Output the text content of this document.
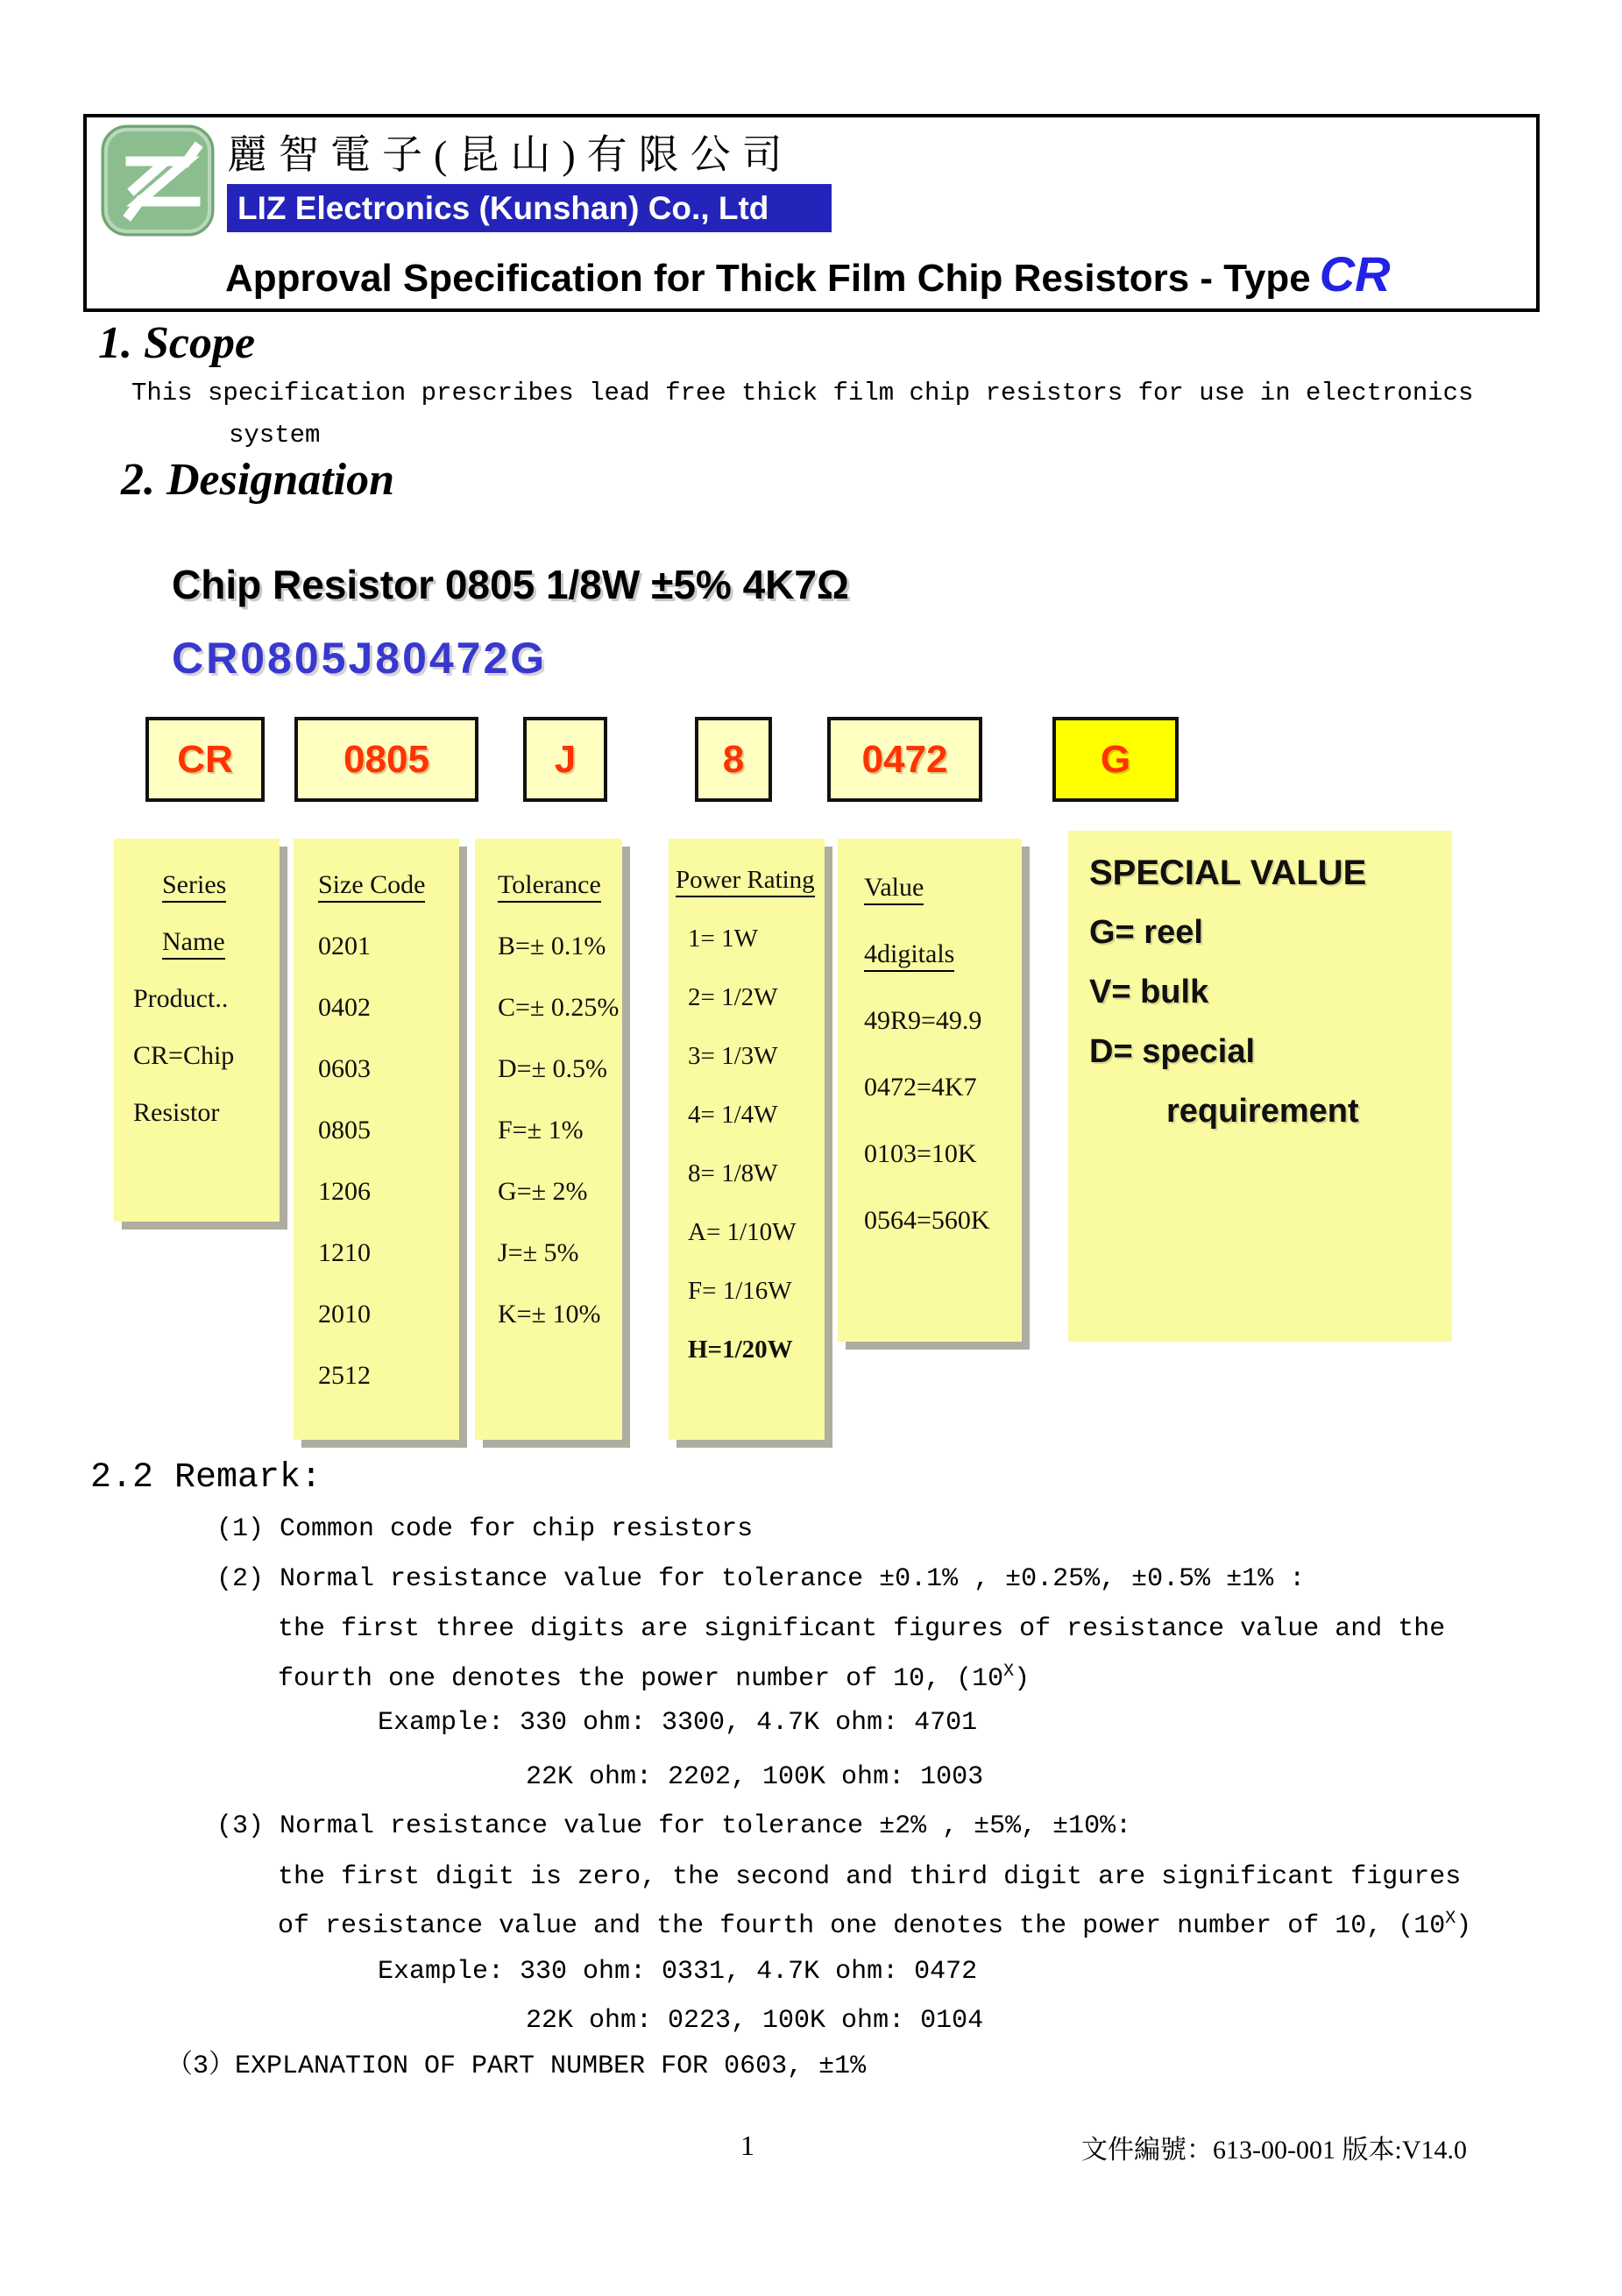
麗智電子(昆山)有限公司
LIZ Electronics (Kunshan) Co., Ltd
Approval Specification for Thick Film Chip Resistors - Type CR
1. Scope
This specification prescribes lead free thick film chip resistors for use in electronics
system
2. Designation
Chip Resistor 0805 1/8W ±5% 4K7Ω
CR0805J80472G
CR	0805	J	8	0472	G
Series
Name
Product..
CR=Chip
Resistor
Size Code
0201
0402
0603
0805
1206
1210
2010
2512
Tolerance
B=± 0.1%
C=± 0.25%
D=± 0.5%
F=± 1%
G=± 2%
J=± 5%
K=± 10%
Power Rating
1= 1W
2= 1/2W
3= 1/3W
4= 1/4W
8= 1/8W
A= 1/10W
F= 1/16W
H=1/20W
Value
4digitals
49R9=49.9
0472=4K7
0103=10K
0564=560K
SPECIAL VALUE
G= reel
V= bulk
D= special
requirement
2.2 Remark:
(1) Common code for chip resistors
(2) Normal resistance value for tolerance ±0.1% , ±0.25%, ±0.5% ±1% :
the first three digits are significant figures of resistance value and the
fourth one denotes the power number of 10, $(10^X)$
Example: 330 ohm: 3300, 4.7K ohm: 4701
22K ohm: 2202, 100K ohm: 1003
(3) Normal resistance value for tolerance ±2% , ±5%, ±10%:
the first digit is zero, the second and third digit are significant figures
of resistance value and the fourth one denotes the power number of 10, $(10^X)$
Example: 330 ohm: 0331, 4.7K ohm: 0472
22K ohm: 0223, 100K ohm: 0104
（3）EXPLANATION OF PART NUMBER FOR 0603, ±1%
1	文件編號：613-00-001 版本:V14.0
